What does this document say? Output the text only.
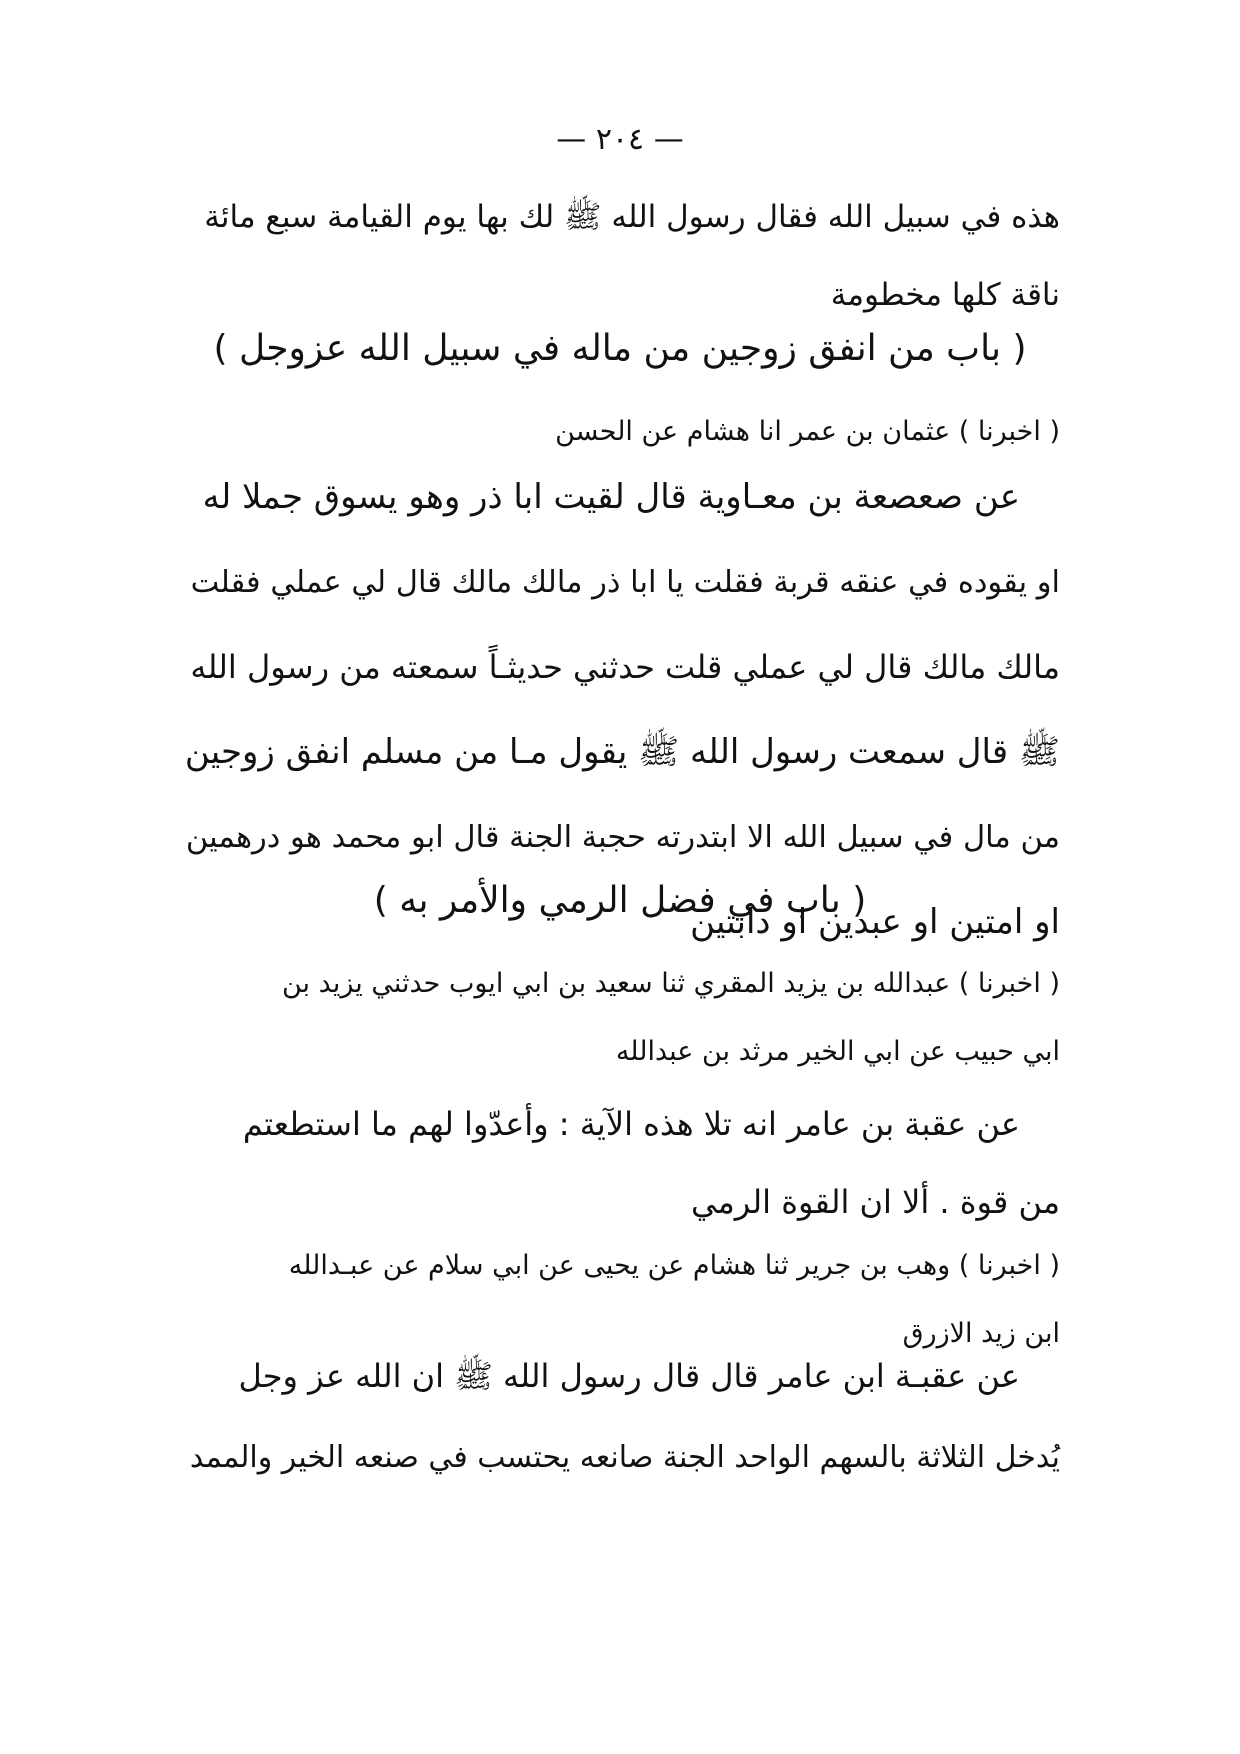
— ٢٠٤ —
هذه في سبيل الله فقال رسول الله ﷺ لك بها يوم القيامة سبع مائة
ناقة كلها مخطومة
( باب من انفق زوجين من ماله في سبيل الله عزوجل )
( اخبرنا ) عثمان بن عمر انا هشام عن الحسن
عن صعصعة بن معـاوية قال لقيت ابا ذر وهو يسوق جملا له
او يقوده في عنقه قربة فقلت يا ابا ذر مالك مالك قال لي عملي فقلت
مالك مالك قال لي عملي قلت حدثني حديثـاً سمعته من رسول الله
ﷺ قال سمعت رسول الله ﷺ يقول مـا من مسلم انفق زوجين
من مال في سبيل الله الا ابتدرته حجبة الجنة قال ابو محمد هو درهمين
او امتين او عبدين او دابتين
( باب في فضل الرمي والأمر به )
( اخبرنا ) عبدالله بن يزيد المقري ثنا سعيد بن ابي ايوب حدثني يزيد بن
ابي حبيب عن ابي الخير مرثد بن عبدالله
عن عقبة بن عامر انه تلا هذه الآية : وأعدّوا لهم ما استطعتم
من قوة . ألا ان القوة الرمي
( اخبرنا ) وهب بن جرير ثنا هشام عن يحيى عن ابي سلام عن عبـدالله
ابن زيد الازرق
عن عقبـة ابن عامر قال قال رسول الله ﷺ ان الله عز وجل
يُدخل الثلاثة بالسهم الواحد الجنة صانعه يحتسب في صنعه الخير والممد
